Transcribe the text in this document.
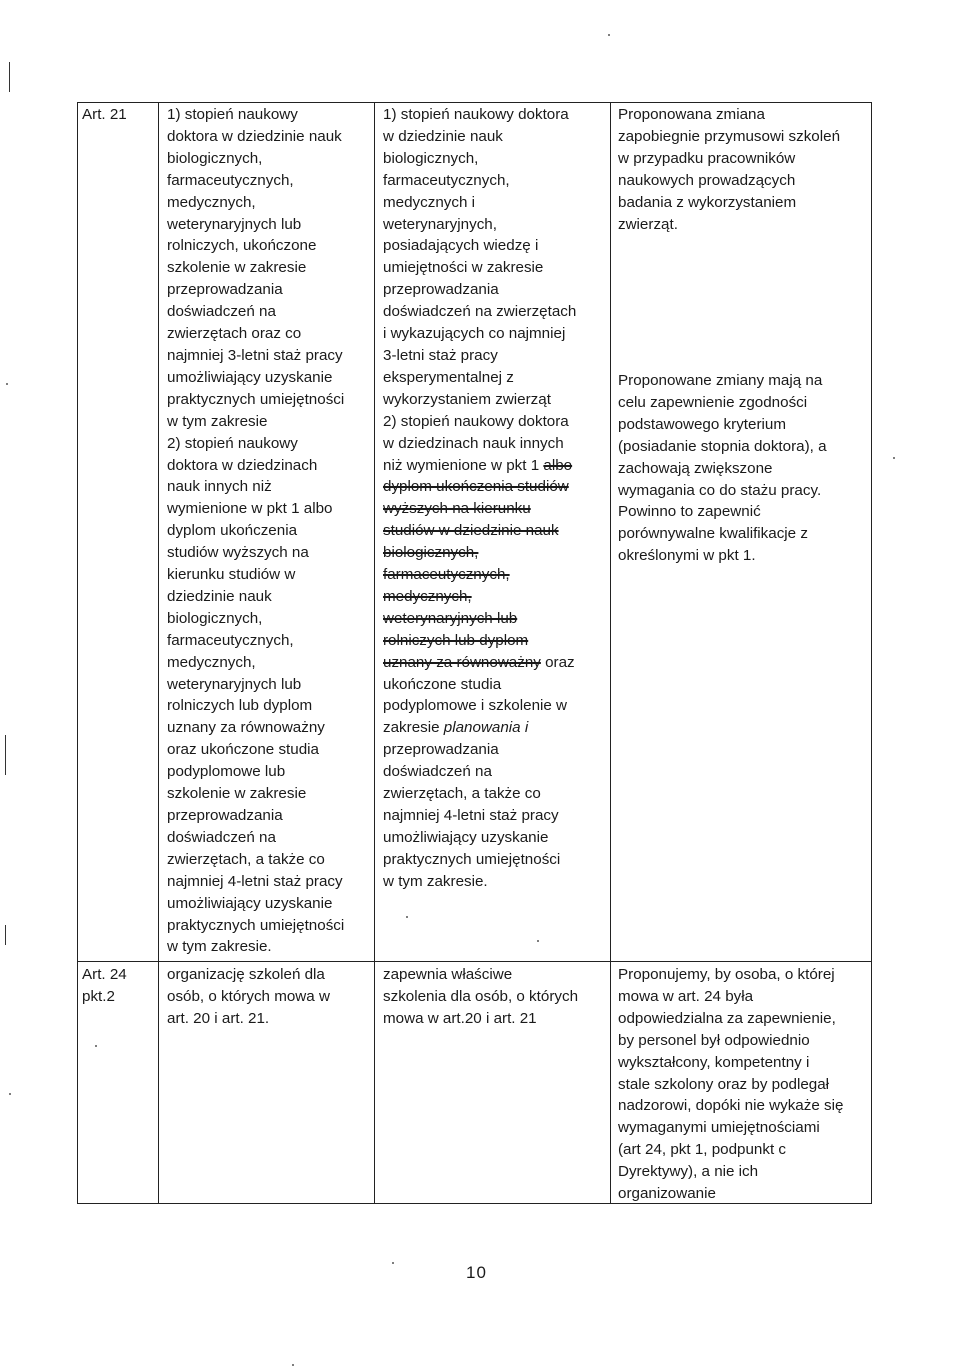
Art. 21	1) stopień naukowy

doktora w dziedzinie nauk

biologicznych,

farmaceutycznych,

medycznych,

weterynaryjnych lub

rolniczych, ukończone

szkolenie w zakresie

przeprowadzania

doświadczeń na

zwierzętach oraz co

najmniej 3-letni staż pracy

umożliwiający uzyskanie

praktycznych umiejętności

w tym zakresie

2) stopień naukowy

doktora w dziedzinach

nauk innych niż

wymienione w pkt 1 albo

dyplom ukończenia

studiów wyższych na

kierunku studiów w

dziedzinie nauk

biologicznych,

farmaceutycznych,

medycznych,

weterynaryjnych lub

rolniczych lub dyplom

uznany za równoważny

oraz ukończone studia

podyplomowe lub

szkolenie w zakresie

przeprowadzania

doświadczeń na

zwierzętach, a także co

najmniej 4-letni staż pracy

umożliwiający uzyskanie

praktycznych umiejętności

w tym zakresie.

1) stopień naukowy doktora

w dziedzinie nauk

biologicznych,

farmaceutycznych,

medycznych i

weterynaryjnych,

posiadających wiedzę i

umiejętności w zakresie

przeprowadzania

doświadczeń na zwierzętach

i wykazujących co najmniej

3-letni staż pracy

eksperymentalnej z

wykorzystaniem zwierząt

2) stopień naukowy doktora

w dziedzinach nauk innych

niż wymienione w pkt 1 albo

dyplom ukończenia studiów

wyższych na kierunku

studiów w dziedzinie nauk

biologicznych,

farmaceutycznych,

medycznych,

weterynaryjnych lub

rolniczych lub dyplom

uznany za równoważny oraz

ukończone studia

podyplomowe i szkolenie w

zakresie planowania i

przeprowadzania

doświadczeń na

zwierzętach, a także co

najmniej 4-letni staż pracy

umożliwiający uzyskanie

praktycznych umiejętności

w tym zakresie.

Proponowana zmiana

zapobiegnie przymusowi szkoleń

w przypadku pracowników

naukowych prowadzących

badania z wykorzystaniem

zwierząt.

Proponowane zmiany mają na

celu zapewnienie zgodności

podstawowego kryterium

(posiadanie stopnia doktora), a

zachowają zwiększone

wymagania co do stażu pracy.

Powinno to zapewnić

porównywalne kwalifikacje z

określonymi w pkt 1.

Art. 24

pkt.2

organizację szkoleń dla

osób, o których mowa w

art. 20 i art. 21.

zapewnia właściwe

szkolenia dla osób, o których

mowa w art.20 i art. 21

Proponujemy, by osoba, o której

mowa w art. 24 była

odpowiedzialna za zapewnienie,

by personel był odpowiednio

wykształcony, kompetentny i

stale szkolony oraz by podlegał

nadzorowi, dopóki nie wykaże się

wymaganymi umiejętnościami

(art 24, pkt 1, podpunkt c

Dyrektywy), a nie ich

organizowanie

10
